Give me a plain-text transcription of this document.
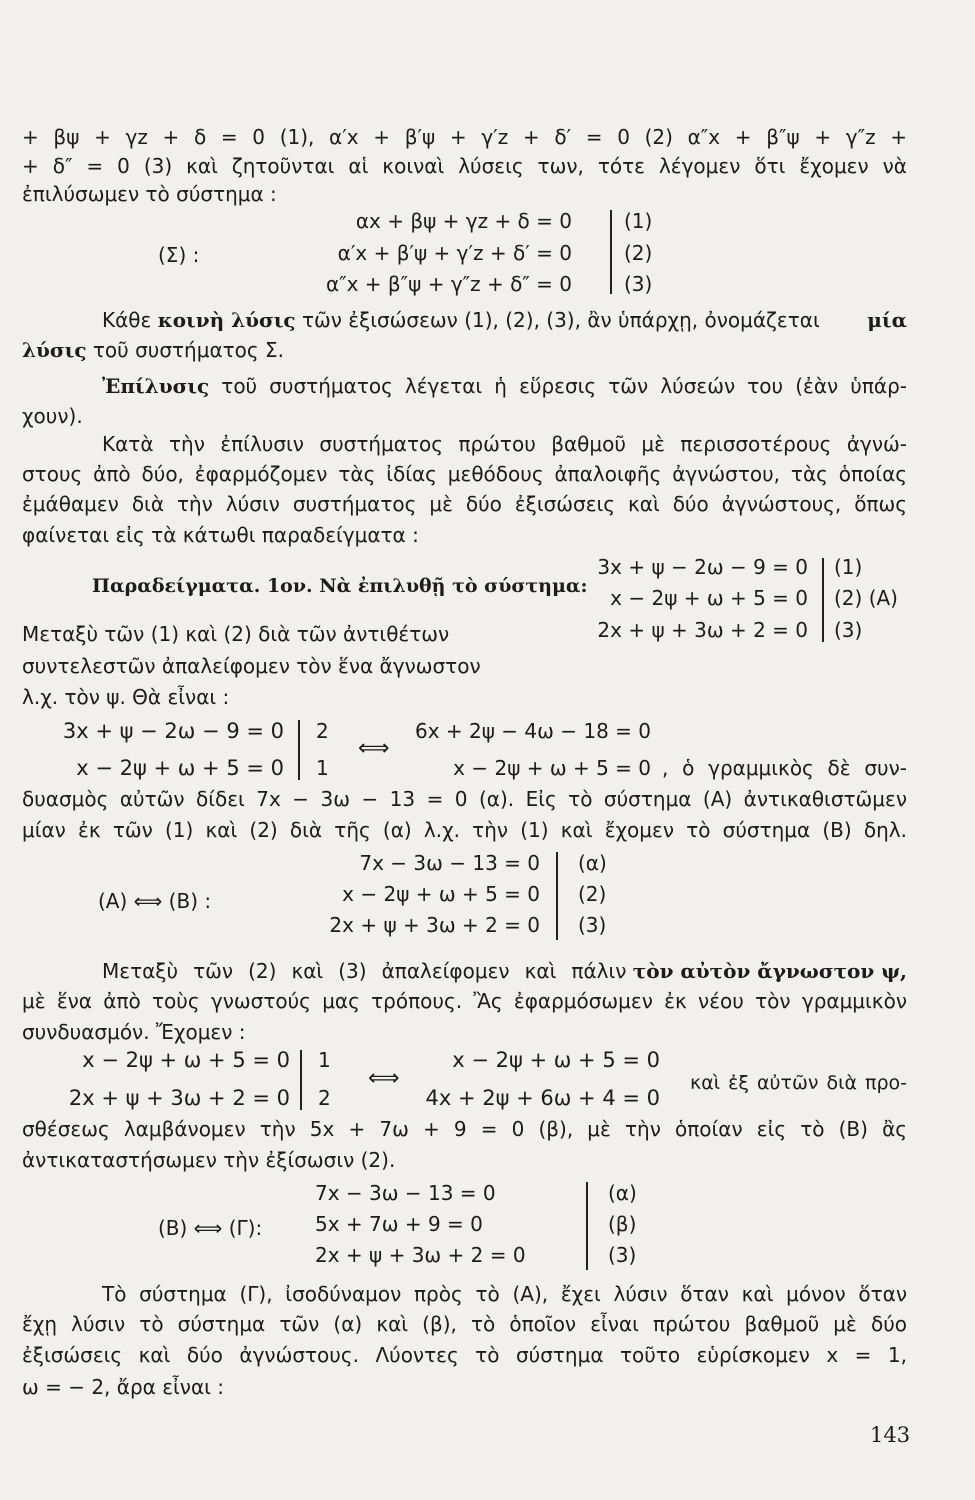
+ βψ + γz + δ = 0 (1), α′x + β′ψ + γ′z + δ′ = 0 (2) α″x + β″ψ + γ″z +
+ δ″ = 0 (3) καὶ ζητοῦνται αἱ κοιναὶ λύσεις των, τότε λέγομεν ὅτι ἔχομεν νὰ
ἐπιλύσωμεν τὸ σύστημα :
(Σ) :
αx + βψ + γz + δ = 0
α′x + β′ψ + γ′z + δ′ = 0
α″x + β″ψ + γ″z + δ″ = 0
(1)
(2)
(3)
Κάθε κοινὴ λύσις τῶν ἐξισώσεων (1), (2), (3), ἂν ὑπάρχῃ, ὀνομάζεται	μία
λύσις τοῦ συστήματος Σ.
Ἐπίλυσις τοῦ συστήματος λέγεται ἡ εὕρεσις τῶν λύσεών του (ἐὰν ὑπάρ-
χουν).
Κατὰ τὴν ἐπίλυσιν συστήματος πρώτου βαθμοῦ μὲ περισσοτέρους ἀγνώ-
στους ἀπὸ δύο, ἐφαρμόζομεν τὰς ἰδίας μεθόδους ἀπαλοιφῆς ἀγνώστου, τὰς ὁποίας
ἐμάθαμεν διὰ τὴν λύσιν συστήματος μὲ δύο ἐξισώσεις καὶ δύο ἀγνώστους, ὅπως
φαίνεται εἰς τὰ κάτωθι παραδείγματα :
Παραδείγματα. 1ον. Νὰ ἐπιλυθῇ τὸ σύστημα:
3x + ψ − 2ω − 9 = 0
x − 2ψ + ω + 5 = 0
2x + ψ + 3ω + 2 = 0
(1)
(2) (A)
(3)
Μεταξὺ τῶν (1) καὶ (2) διὰ τῶν ἀντιθέτων
συντελεστῶν ἀπαλείφομεν τὸν ἕνα ἄγνωστον
λ.χ. τὸν ψ. Θὰ εἶναι :
3x + ψ − 2ω − 9 = 0
x − 2ψ + ω + 5 = 0
2
1
⟺
6x + 2ψ − 4ω − 18 = 0
x − 2ψ + ω + 5 = 0 , ὁ γραμμικὸς δὲ συν-
δυασμὸς αὐτῶν δίδει 7x − 3ω − 13 = 0 (α). Εἰς τὸ σύστημα (A) ἀντικαθιστῶμεν
μίαν ἐκ τῶν (1) καὶ (2) διὰ τῆς (α) λ.χ. τὴν (1) καὶ ἔχομεν τὸ σύστημα (B) δηλ.
(A) ⟺ (B) :
7x − 3ω − 13 = 0
x − 2ψ + ω + 5 = 0
2x + ψ + 3ω + 2 = 0
(α)
(2)
(3)
Μεταξὺ τῶν (2) καὶ (3) ἀπαλείφομεν καὶ πάλιν τὸν αὐτὸν ἄγνωστον ψ,
μὲ ἕνα ἀπὸ τοὺς γνωστούς μας τρόπους. Ἂς ἐφαρμόσωμεν ἐκ νέου τὸν γραμμικὸν
συνδυασμόν. Ἔχομεν :
x − 2ψ + ω + 5 = 0
2x + ψ + 3ω + 2 = 0
1
2
⟺
x − 2ψ + ω + 5 = 0
4x + 2ψ + 6ω + 4 = 0
καὶ ἐξ αὐτῶν διὰ προ-
σθέσεως λαμβάνομεν τὴν 5x + 7ω + 9 = 0 (β), μὲ τὴν ὁποίαν εἰς τὸ (B) ἂς
ἀντικαταστήσωμεν τὴν ἐξίσωσιν (2).
(B) ⟺ (Γ):
7x − 3ω − 13 = 0
5x + 7ω + 9 = 0
2x + ψ + 3ω + 2 = 0
(α)
(β)
(3)
Τὸ σύστημα (Γ), ἰσοδύναμον πρὸς τὸ (A), ἔχει λύσιν ὅταν καὶ μόνον ὅταν
ἔχῃ λύσιν τὸ σύστημα τῶν (α) καὶ (β), τὸ ὁποῖον εἶναι πρώτου βαθμοῦ μὲ δύο
ἐξισώσεις καὶ δύο ἀγνώστους. Λύοντες τὸ σύστημα τοῦτο εὑρίσκομεν x = 1,
ω = − 2, ἄρα εἶναι :
143
